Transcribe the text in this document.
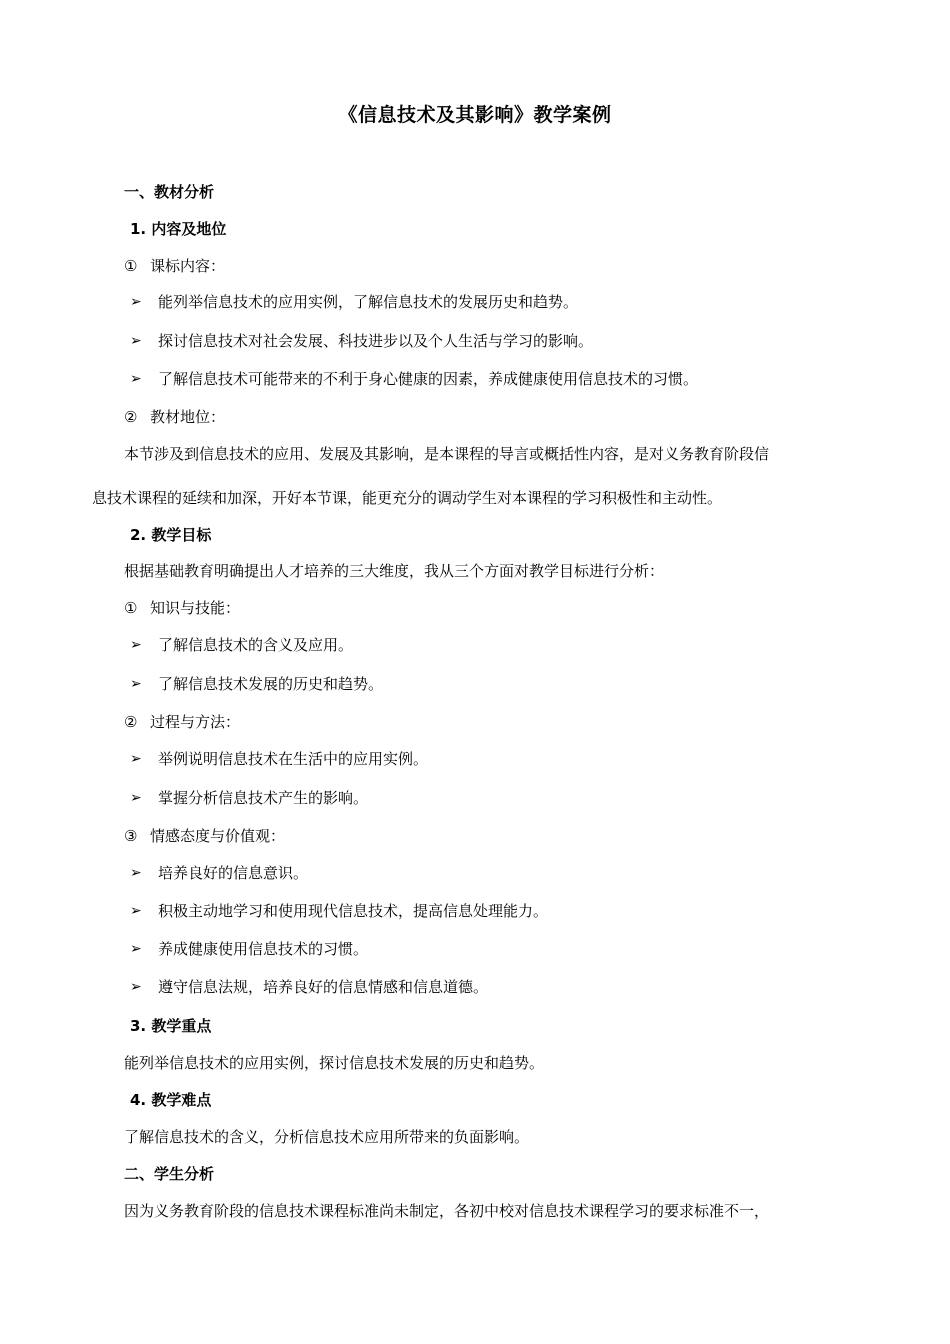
《信息技术及其影响》教学案例
一、教材分析
1. 内容及地位
① 课标内容：
➢ 能列举信息技术的应用实例，了解信息技术的发展历史和趋势。
➢ 探讨信息技术对社会发展、科技进步以及个人生活与学习的影响。
➢ 了解信息技术可能带来的不利于身心健康的因素，养成健康使用信息技术的习惯。
② 教材地位：
本节涉及到信息技术的应用、发展及其影响，是本课程的导言或概括性内容，是对义务教育阶段信
息技术课程的延续和加深，开好本节课，能更充分的调动学生对本课程的学习积极性和主动性。
2. 教学目标
根据基础教育明确提出人才培养的三大维度，我从三个方面对教学目标进行分析：
① 知识与技能：
➢ 了解信息技术的含义及应用。
➢ 了解信息技术发展的历史和趋势。
② 过程与方法：
➢ 举例说明信息技术在生活中的应用实例。
➢ 掌握分析信息技术产生的影响。
③ 情感态度与价值观：
➢ 培养良好的信息意识。
➢ 积极主动地学习和使用现代信息技术，提高信息处理能力。
➢ 养成健康使用信息技术的习惯。
➢ 遵守信息法规，培养良好的信息情感和信息道德。
3. 教学重点
能列举信息技术的应用实例，探讨信息技术发展的历史和趋势。
4. 教学难点
了解信息技术的含义，分析信息技术应用所带来的负面影响。
二、学生分析
因为义务教育阶段的信息技术课程标准尚未制定，各初中校对信息技术课程学习的要求标准不一，
